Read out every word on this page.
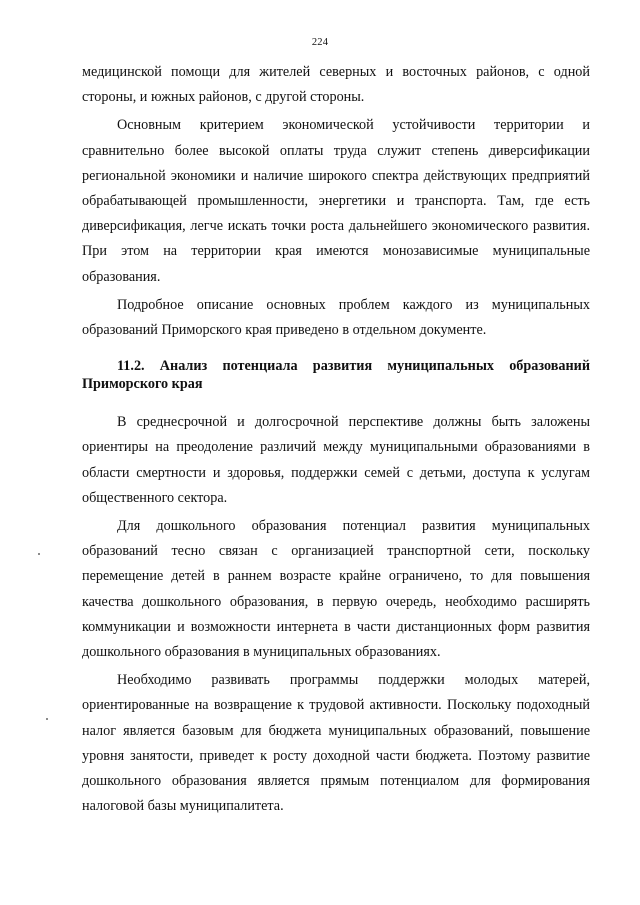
224

медицинской помощи для жителей северных и восточных районов, с одной стороны, и южных районов, с другой стороны.

Основным критерием экономической устойчивости территории и сравнительно более высокой оплаты труда служит степень диверсификации региональной экономики и наличие широкого спектра действующих предприятий обрабатывающей промышленности, энергетики и транспорта. Там, где есть диверсификация, легче искать точки роста дальнейшего экономического развития. При этом на территории края имеются монозависимые муниципальные образования.

Подробное описание основных проблем каждого из муниципальных образований Приморского края приведено в отдельном документе.

11.2. Анализ потенциала развития муниципальных образований Приморского края

В среднесрочной и долгосрочной перспективе должны быть заложены ориентиры на преодоление различий между муниципальными образованиями в области смертности и здоровья, поддержки семей с детьми, доступа к услугам общественного сектора.

Для дошкольного образования потенциал развития муниципальных образований тесно связан с организацией транспортной сети, поскольку перемещение детей в раннем возрасте крайне ограничено, то для повышения качества дошкольного образования, в первую очередь, необходимо расширять коммуникации и возможности интернета в части дистанционных форм развития дошкольного образования в муниципальных образованиях.

Необходимо развивать программы поддержки молодых матерей, ориентированные на возвращение к трудовой активности. Поскольку подоходный налог является базовым для бюджета муниципальных образований, повышение уровня занятости, приведет к росту доходной части бюджета. Поэтому развитие дошкольного образования является прямым потенциалом для формирования налоговой базы муниципалитета.
